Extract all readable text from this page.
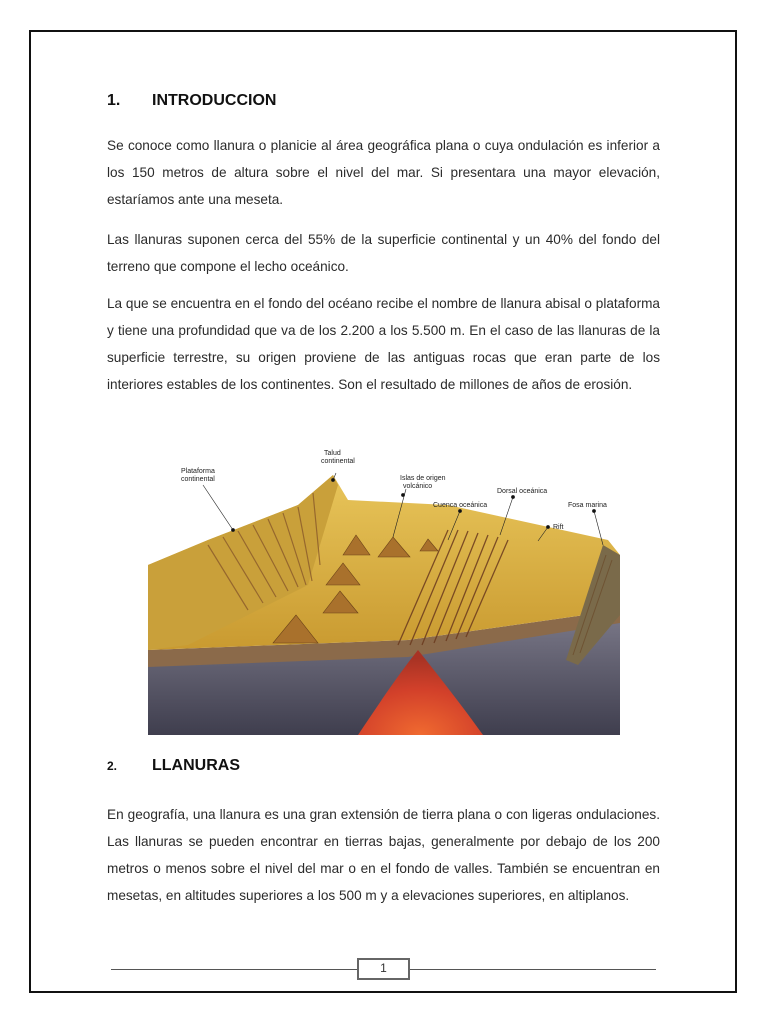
1. INTRODUCCION

Se conoce como llanura o planicie al área geográfica plana o cuya ondulación es inferior a los 150 metros de altura sobre el nivel del mar. Si presentara una mayor elevación, estaríamos ante una meseta.

Las llanuras suponen cerca del 55% de la superficie continental y un 40% del fondo del terreno que compone el lecho oceánico.

La que se encuentra en el fondo del océano recibe el nombre de llanura abisal o plataforma y tiene una profundidad que va de los 2.200 a los 5.500 m. En el caso de las llanuras de la superficie terrestre, su origen proviene de las antiguas rocas que eran parte de los interiores estables de los continentes. Son el resultado de millones de años de erosión.

Plataforma
continental
Talud
continental
Islas de origen
volcánico
Cuenca oceánica
Dorsal oceánica
Rift
Fosa marina
2. LLANURAS

En geografía, una llanura es una gran extensión de tierra plana o con ligeras ondulaciones. Las llanuras se pueden encontrar en tierras bajas, generalmente por debajo de los 200 metros o menos sobre el nivel del mar o en el fondo de valles. También se encuentran en mesetas, en altitudes superiores a los 500 m y a elevaciones superiores, en altiplanos.

1
